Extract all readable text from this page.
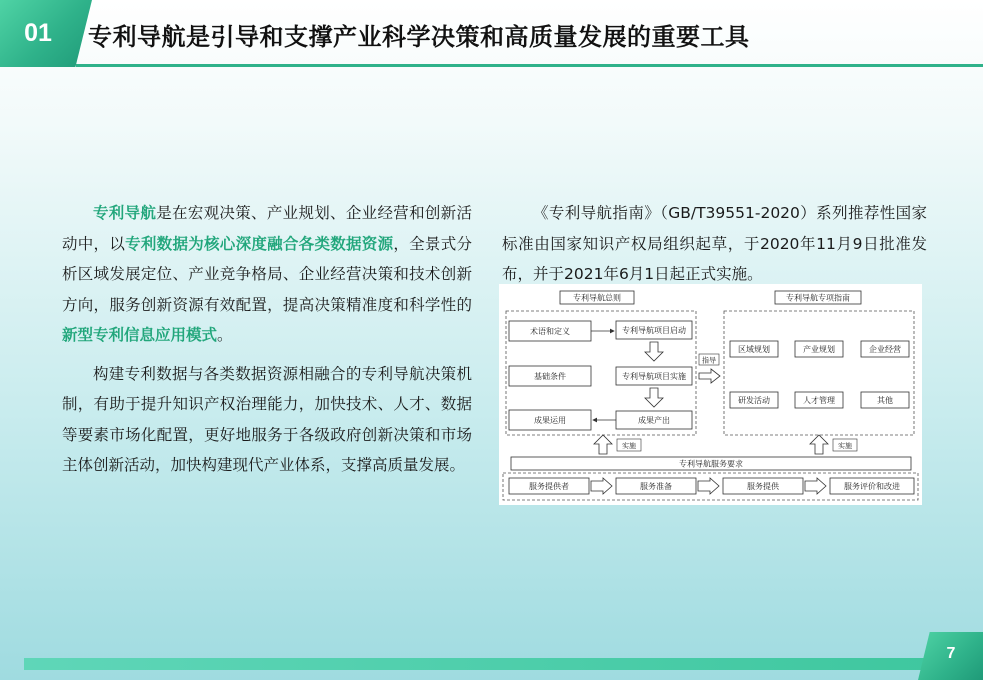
01	专利导航是引导和支撑产业科学决策和高质量发展的重要工具

专利导航是在宏观决策、产业规划、企业经营和创新活动中，以专利数据为核心深度融合各类数据资源，全景式分析区域发展定位、产业竞争格局、企业经营决策和技术创新方向，服务创新资源有效配置，提高决策精准度和科学性的新型专利信息应用模式。

构建专利数据与各类数据资源相融合的专利导航决策机制，有助于提升知识产权治理能力，加快技术、人才、数据等要素市场化配置，更好地服务于各级政府创新决策和市场主体创新活动，加快构建现代产业体系，支撑高质量发展。

《专利导航指南》（GB/T39551-2020）系列推荐性国家标准由国家知识产权局组织起草，于2020年11月9日批准发布，并于2021年6月1日起正式实施。

专利导航总则	专利导航专项指南
术语和定义
基础条件
成果运用
专利导航项目启动
专利导航项目实施
成果产出
指导
区域规划	产业规划	企业经营
研发活动	人才管理	其他
实施	实施
专利导航服务要求
服务提供者	服务准备	服务提供	服务评价和改进
7
